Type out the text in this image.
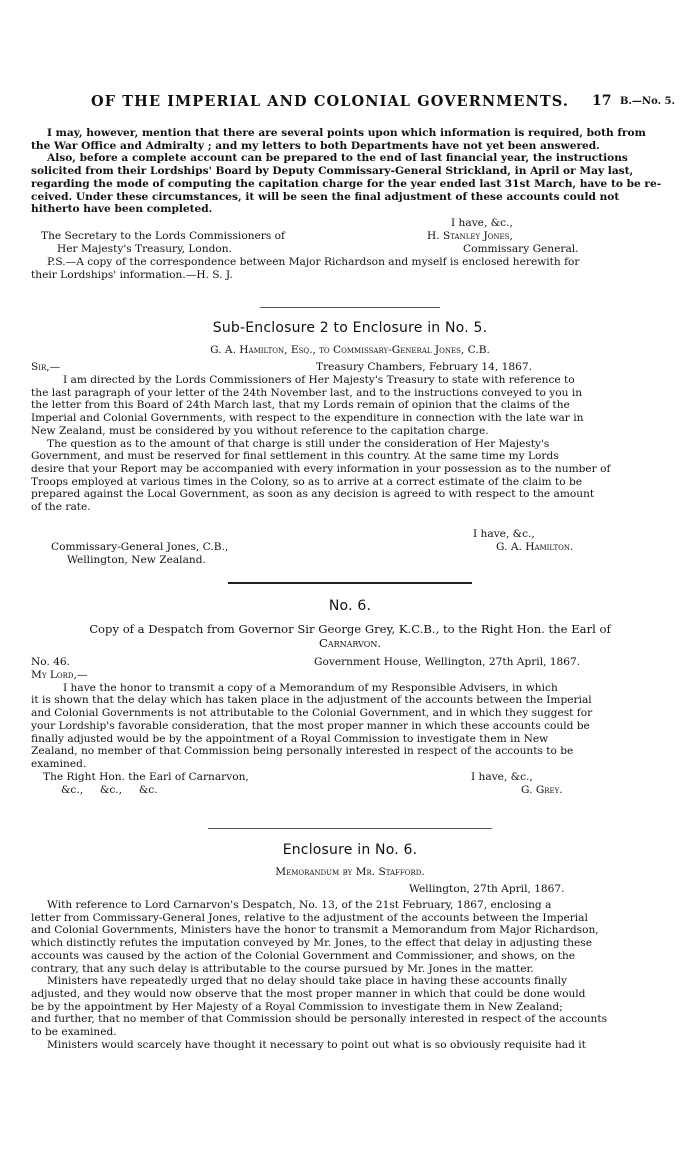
OF THE IMPERIAL AND COLONIAL GOVERNMENTS.	17 B.—No. 5.
I may, however, mention that there are several points upon which information is required, both from
the War Office and Admiralty ; and my letters to both Departments have not yet been answered.
Also, before a complete account can be prepared to the end of last financial year, the instructions
solicited from their Lordships' Board by Deputy Commissary-General Strickland, in April or May last,
regarding the mode of computing the capitation charge for the year ended last 31st March, have to be re-
ceived. Under these circumstances, it will be seen the final adjustment of these accounts could not
hitherto have been completed.
I have, &c.,
The Secretary to the Lords Commissioners of	H. Stanley Jones,
Her Majesty's Treasury, London.	Commissary General.
P.S.—A copy of the correspondence between Major Richardson and myself is enclosed herewith for
their Lordships' information.—H. S. J.
Sub-Enclosure 2 to Enclosure in No. 5.
G. A. Hamilton, Esq., to Commissary-General Jones, C.B.
Sir,—	Treasury Chambers, February 14, 1867.
I am directed by the Lords Commissioners of Her Majesty's Treasury to state with reference to
the last paragraph of your letter of the 24th November last, and to the instructions conveyed to you in
the letter from this Board of 24th March last, that my Lords remain of opinion that the claims of the
Imperial and Colonial Governments, with respect to the expenditure in connection with the late war in
New Zealand, must be considered by you without reference to the capitation charge.
The question as to the amount of that charge is still under the consideration of Her Majesty's
Government, and must be reserved for final settlement in this country. At the same time my Lords
desire that your Report may be accompanied with every information in your possession as to the number of
Troops employed at various times in the Colony, so as to arrive at a correct estimate of the claim to be
prepared against the Local Government, as soon as any decision is agreed to with respect to the amount
of the rate.
I have, &c.,
Commissary-General Jones, C.B.,	G. A. Hamilton.
Wellington, New Zealand.
No. 6.
Copy of a Despatch from Governor Sir George Grey, K.C.B., to the Right Hon. the Earl of
Carnarvon.
No. 46.	Government House, Wellington, 27th April, 1867.
My Lord,—
I have the honor to transmit a copy of a Memorandum of my Responsible Advisers, in which
it is shown that the delay which has taken place in the adjustment of the accounts between the Imperial
and Colonial Governments is not attributable to the Colonial Government, and in which they suggest for
your Lordship's favorable consideration, that the most proper manner in which these accounts could be
finally adjusted would be by the appointment of a Royal Commission to investigate them in New
Zealand, no member of that Commission being personally interested in respect of the accounts to be
examined.
The Right Hon. the Earl of Carnarvon,	I have, &c.,
&c.,     &c.,     &c.	G. Grey.
Enclosure in No. 6.
Memorandum by Mr. Stafford.
Wellington, 27th April, 1867.
With reference to Lord Carnarvon's Despatch, No. 13, of the 21st February, 1867, enclosing a
letter from Commissary-General Jones, relative to the adjustment of the accounts between the Imperial
and Colonial Governments, Ministers have the honor to transmit a Memorandum from Major Richardson,
which distinctly refutes the imputation conveyed by Mr. Jones, to the effect that delay in adjusting these
accounts was caused by the action of the Colonial Government and Commissioner, and shows, on the
contrary, that any such delay is attributable to the course pursued by Mr. Jones in the matter.
Ministers have repeatedly urged that no delay should take place in having these accounts finally
adjusted, and they would now observe that the most proper manner in which that could be done would
be by the appointment by Her Majesty of a Royal Commission to investigate them in New Zealand;
and further, that no member of that Commission should be personally interested in respect of the accounts
to be examined.
Ministers would scarcely have thought it necessary to point out what is so obviously requisite had it
